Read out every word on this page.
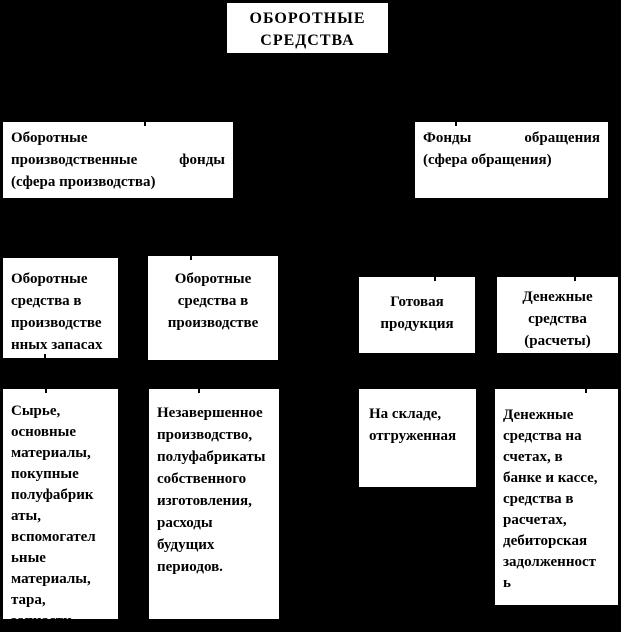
ОБОРОТНЫЕ
СРЕДСТВА
Оборотные
производственные	фонды
(сфера производства)
Фонды	обращения
(сфера обращения)
Оборотные
средства в
производстве
нных запасах
Оборотные
средства в
производстве
Готовая
продукция
Денежные
средства
(расчеты)
Сырье,
основные
материалы,
покупные
полуфабрик
аты,
вспомогател
ьные
материалы,
тара,
запчасти
Незавершенное
производство,
полуфабрикаты
собственного
изготовления,
расходы
будущих
периодов.
На складе,
отгруженная
Денежные
средства на
счетах, в
банке и кассе,
средства в
расчетах,
дебиторская
задолженност
ь
